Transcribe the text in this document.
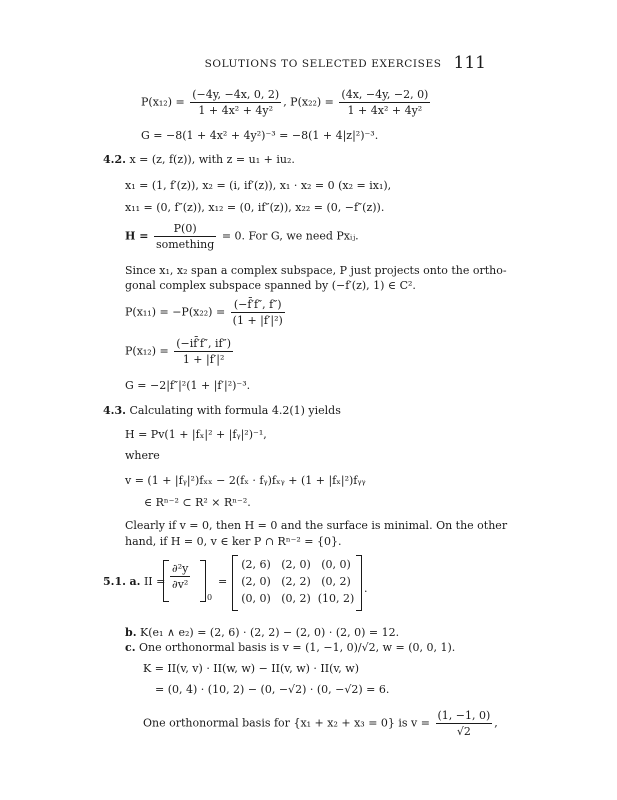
SOLUTIONS TO SELECTED EXERCISES 111
$P(x_{12}) = \frac{(-4y, -4x, 0, 2)}{\text{1 + 4x² + 4y²}}$ , $P(x_{22}) = \frac{(4x, -4y, -2, 0)}{\text{1 + 4x² + 4y²}}$
G = −8(1 + 4x² + 4y²)⁻³ = −8(1 + 4|z|²)⁻³.
4.2. x = (z, f(z)), with z = u₁ + iu₂.
x₁ = (1, f′(z)), x₂ = (i, if′(z)), x₁ · x₂ = 0 (x₂ = ix₁),
x₁₁ = (0, f″(z)), x₁₂ = (0, if″(z)), x₂₂ = (0, −f″(z)).
$H = \frac{P(0)}{\text{something}} = 0$. For G, we need Pxᵢⱼ.
Since x₁, x₂ span a complex subspace, P just projects onto the ortho-
gonal complex subspace spanned by (−f′(z), 1) ∈ C².
$P(x_{11}) = -P(x_{22}) = \frac{(-f̄'f'', f'')}{\text{(1 + |f′|²)}}$
$P(x_{12}) = \frac{(-if̄'f'', if'')}{\text{1 + |f′|²}}$
G = −2|f″|²(1 + |f′|²)⁻³.
4.3. Calculating with formula 4.2(1) yields
H = Pv(1 + |fₓ|² + |fᵧ|²)⁻¹,
where
v = (1 + |fᵧ|²)fₓₓ − 2(fₓ · fᵧ)fₓᵧ + (1 + |fₓ|²)fᵧᵧ
∈ Rⁿ⁻² ⊂ R² × Rⁿ⁻².
Clearly if v = 0, then H = 0 and the surface is minimal. On the other
hand, if H = 0, v ∈ ker P ∩ Rⁿ⁻² = {0}.
5.1. a. II = $\frac{\text{∂²y}}{\text{∂v²}}$
0
=
(2, 6) (2, 0) (0, 0)
(2, 0) (2, 2) (0, 2)
(0, 0) (0, 2) (10, 2)
.
b. K(e₁ ∧ e₂) = (2, 6) · (2, 2) − (2, 0) · (2, 0) = 12.
c. One orthonormal basis is v = (1, −1, 0)/√2, w = (0, 0, 1).
K = II(v, v) · II(w, w) − II(v, w) · II(v, w)
= (0, 4) · (10, 2) − (0, −√2) · (0, −√2) = 6.
One orthonormal basis for {x₁ + x₂ + x₃ = 0} is $v = \frac{(1, -1, 0)}{√2}$ ,
